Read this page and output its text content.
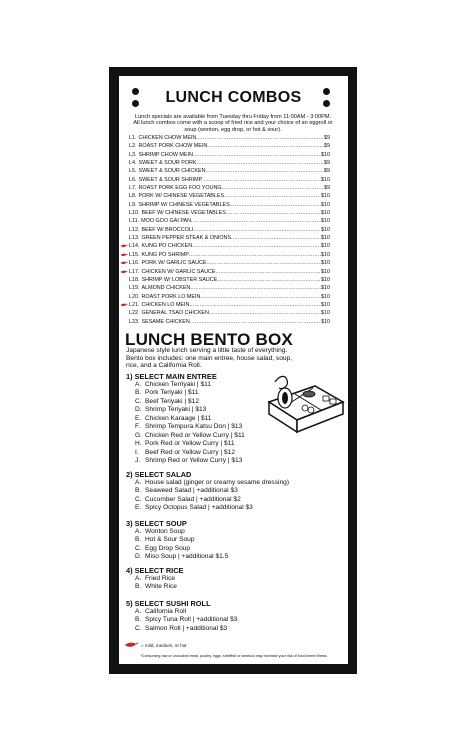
LUNCH COMBOS
Lunch specials are available from Tuesday thru Friday from 11:00AM - 3:00PM. All lunch combos come with a scoop of fried rice and your choice of an eggroll or soup (wonton, egg drop, or hot & sour).
L1. CHICKEN CHOW MEIN .....	$9
L2. ROAST PORK CHOW MEIN .....	$9
L3. SHRIMP CHOW MEIN .....	$10
L4. SWEET & SOUR PORK .....	$9
L5. SWEET & SOUR CHICKEN .....	$9
L6. SWEET & SOUR SHRIMP .....	$10
L7. ROAST PORK EGG FOO YOUNG .....	$9
L8. PORK W/ CHINESE VEGETABLES .....	$10
L9. SHRIMP W/ CHINESE VEGETABLES .....	$10
L10. BEEF W/ CHINESE VEGETABLES .....	$10
L11. MOO GOO GAI PAN .....	$10
L12. BEEF W/ BROCCOLI .....	$10
L13. GREEN PEPPER STEAK & ONIONS .....	$10
L14. KUNG PO CHICKEN .....	$10
L15. KUNG PO SHRIMP .....	$10
L16. PORK W/ GARLIC SAUCE .....	$10
L17. CHICKEN W/ GARLIC SAUCE .....	$10
L18. SHRIMP W/ LOBSTER SAUCE .....	$10
L19. ALMOND CHICKEN .....	$10
L20. ROAST PORK LO MEIN .....	$10
L21. CHICKEN LO MEIN .....	$10
L22. GENERAL TSAO CHICKEN .....	$10
L23. SESAME CHICKEN .....	$10
LUNCH BENTO BOX
Japanese style lunch serving a little taste of everything. Bento box includes: one main entree, house salad, soup, rice, and a California Roll.
1) SELECT MAIN ENTREE
A. Chicken Terriyaki | $11
B. Pork Teriyaki | $11
C. Beef Teriyaki | $12
D. Shrimp Teriyaki | $13
E. Chicken Karaage | $11
F. Shrimp Tempura Katsu Don | $13
G. Chicken Red or Yellow Curry | $11
H. Pork Red or Yellow Curry | $11
I. Beef Red or Yellow Curry | $12
J. Shrimp Red or Yellow Curry | $13
2) SELECT SALAD
A. House salad (ginger or creamy sesame dressing)
B. Seaweed Salad | +additional $3
C. Cucumber Salad | +additional $2
E. Spicy Octopus Salad | +additional $3
3) SELECT SOUP
A. Wonton Soup
B. Hot & Sour Soup
C. Egg Drop Soup
D. Miso Soup | +additional $1.5
4) SELECT RICE
A. Fried Rice
B. White Rice
5) SELECT SUSHI ROLL
A. California Roll
B. Spicy Tuna Roll | +additional $3
C. Salmon Roll | +additional $3
= mild, medium, or hot
*Consuming raw or uncooked meat, poultry, eggs, shellfish or seafood may increase your risk of food borne illness.
